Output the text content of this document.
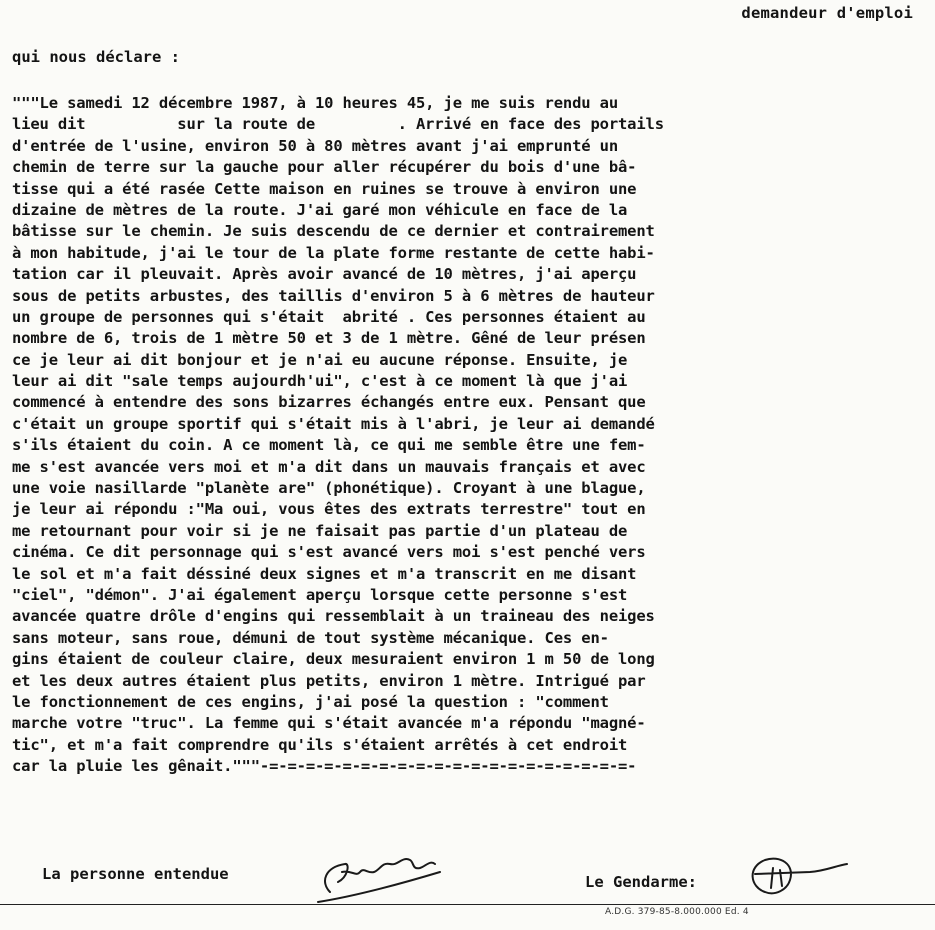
demandeur d'emploi
qui nous déclare :
"""Le samedi 12 décembre 1987, à 10 heures 45, je me suis rendu au
lieu dit          sur la route de         . Arrivé en face des portails
d'entrée de l'usine, environ 50 à 80 mètres avant j'ai emprunté un
chemin de terre sur la gauche pour aller récupérer du bois d'une bâ-
tisse qui a été rasée Cette maison en ruines se trouve à environ une
dizaine de mètres de la route. J'ai garé mon véhicule en face de la
bâtisse sur le chemin. Je suis descendu de ce dernier et contrairement
à mon habitude, j'ai le tour de la plate forme restante de cette habi-
tation car il pleuvait. Après avoir avancé de 10 mètres, j'ai aperçu
sous de petits arbustes, des taillis d'environ 5 à 6 mètres de hauteur
un groupe de personnes qui s'était  abrité . Ces personnes étaient au
nombre de 6, trois de 1 mètre 50 et 3 de 1 mètre. Gêné de leur présen
ce je leur ai dit bonjour et je n'ai eu aucune réponse. Ensuite, je
leur ai dit "sale temps aujourdh'ui", c'est à ce moment là que j'ai
commencé à entendre des sons bizarres échangés entre eux. Pensant que
c'était un groupe sportif qui s'était mis à l'abri, je leur ai demandé
s'ils étaient du coin. A ce moment là, ce qui me semble être une fem-
me s'est avancée vers moi et m'a dit dans un mauvais français et avec
une voie nasillarde "planète are" (phonétique). Croyant à une blague,
je leur ai répondu :"Ma oui, vous êtes des extrats terrestre" tout en
me retournant pour voir si je ne faisait pas partie d'un plateau de
cinéma. Ce dit personnage qui s'est avancé vers moi s'est penché vers
le sol et m'a fait déssiné deux signes et m'a transcrit en me disant
"ciel", "démon". J'ai également aperçu lorsque cette personne s'est
avancée quatre drôle d'engins qui ressemblait à un traineau des neiges
sans moteur, sans roue, démuni de tout système mécanique. Ces en-
gins étaient de couleur claire, deux mesuraient environ 1 m 50 de long
et les deux autres étaient plus petits, environ 1 mètre. Intrigué par
le fonctionnement de ces engins, j'ai posé la question : "comment
marche votre "truc". La femme qui s'était avancée m'a répondu "magné-
tic", et m'a fait comprendre qu'ils s'étaient arrêtés à cet endroit
car la pluie les gênait."""-=-=-=-=-=-=-=-=-=-=-=-=-=-=-=-=-=-=-=-=-
La personne entendue	Le Gendarme:
A.D.G. 379-85-8.000.000 Ed. 4
